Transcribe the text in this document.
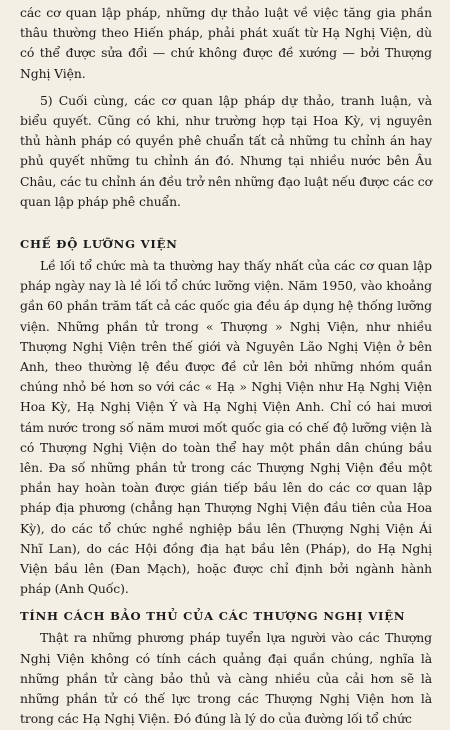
các cơ quan lập pháp, những dự thảo luật về việc tăng gia phần thâu thường theo Hiến pháp, phải phát xuất từ Hạ Nghị Viện, dù có thể được sửa đổi — chứ không được đề xướng — bởi Thượng Nghị Viện.

5) Cuối cùng, các cơ quan lập pháp dự thảo, tranh luận, và biểu quyết. Cũng có khi, như trường hợp tại Hoa Kỳ, vị nguyên thủ hành pháp có quyền phê chuẩn tất cả những tu chỉnh án hay phủ quyết những tu chỉnh án đó. Nhưng tại nhiều nước bên Âu Châu, các tu chỉnh án đều trở nên những đạo luật nếu được các cơ quan lập pháp phê chuẩn.

CHẾ ĐỘ LƯỠNG VIỆN

Lề lối tổ chức mà ta thường hay thấy nhất của các cơ quan lập pháp ngày nay là lề lối tổ chức lưỡng viện. Năm 1950, vào khoảng gần 60 phần trăm tất cả các quốc gia đều áp dụng hệ thống lưỡng viện. Những phần tử trong « Thượng » Nghị Viện, như nhiều Thượng Nghị Viện trên thế giới và Nguyên Lão Nghị Viện ở bên Anh, theo thường lệ đều được đề cử lên bởi những nhóm quần chúng nhỏ bé hơn so với các « Hạ » Nghị Viện như Hạ Nghị Viện Hoa Kỳ, Hạ Nghị Viện Ý và Hạ Nghị Viện Anh. Chỉ có hai mươi tám nước trong số năm mươi mốt quốc gia có chế độ lưỡng viện là có Thượng Nghị Viện do toàn thể hay một phần dân chúng bầu lên. Đa số những phần tử trong các Thượng Nghị Viện đều một phần hay hoàn toàn được gián tiếp bầu lên do các cơ quan lập pháp địa phương (chẳng hạn Thượng Nghị Viện đầu tiên của Hoa Kỳ), do các tổ chức nghề nghiệp bầu lên (Thượng Nghị Viện Ái Nhĩ Lan), do các Hội đồng địa hạt bầu lên (Pháp), do Hạ Nghị Viện bầu lên (Đan Mạch), hoặc được chỉ định bởi ngành hành pháp (Anh Quốc).

TÍNH CÁCH BẢO THỦ CỦA CÁC THƯỢNG NGHỊ VIỆN

Thật ra những phương pháp tuyển lựa người vào các Thượng Nghị Viện không có tính cách quảng đại quần chúng, nghĩa là những phần tử càng bảo thủ và càng nhiều của cải hơn sẽ là những phần tử có thế lực trong các Thượng Nghị Viện hơn là trong các Hạ Nghị Viện. Đó đúng là lý do của đường lối tổ chức
